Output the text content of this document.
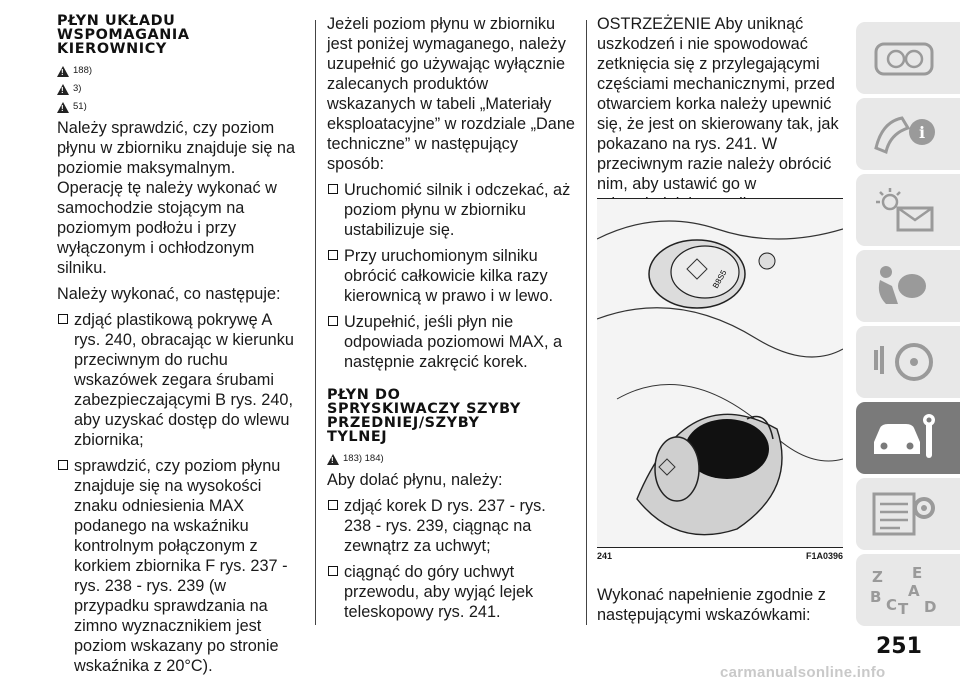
PŁYN UKŁADU
WSPOMAGANIA
KIEROWNICY
!
188)
!
3)
!
51)

Należy sprawdzić, czy poziom płynu w zbiorniku znajduje się na poziomie maksymalnym. Operację tę należy wykonać w samochodzie stojącym na poziomym podłożu i przy wyłączonym i ochłodzonym silniku.

Należy wykonać, co następuje:

zdjąć plastikową pokrywę A rys. 240, obracając w kierunku przeciwnym do ruchu wskazówek zegara śrubami zabezpieczającymi B rys. 240, aby uzyskać dostęp do wlewu zbiornika;
sprawdzić, czy poziom płynu znajduje się na wysokości znaku odniesienia MAX podanego na wskaźniku kontrolnym połączonym z korkiem zbiornika F rys. 237 - rys. 238 - rys. 239 (w przypadku sprawdzania na zimno wyznacznikiem jest poziom wskazany po stronie wskaźnika z 20°C).

Jeżeli poziom płynu w zbiorniku jest poniżej wymaganego, należy uzupełnić go używając wyłącznie zalecanych produktów wskazanych w tabeli „Materiały eksploatacyjne” w rozdziale „Dane techniczne” w następujący sposób:

Uruchomić silnik i odczekać, aż poziom płynu w zbiorniku ustabilizuje się.
Przy uruchomionym silniku obrócić całkowicie kilka razy kierownicą w prawo i w lewo.
Uzupełnić, jeśli płyn nie odpowiada poziomowi MAX, a następnie zakręcić korek.
PŁYN DO
SPRYSKIWACZY SZYBY
PRZEDNIEJ/SZYBY
TYLNEJ
!
183) 184)

Aby dolać płynu, należy:

zdjąć korek D rys. 237 - rys. 238 - rys. 239, ciągnąc na zewnątrz za uchwyt;
ciągnąć do góry uchwyt przewodu, aby wyjąć lejek teleskopowy rys. 241.

OSTRZEŻENIE Aby uniknąć uszkodzeń i nie spowodować zetknięcia się z przylegającymi częściami mechanicznymi, przed otwarciem korka należy upewnić się, że jest on skierowany tak, jak pokazano na rys. 241. W przeciwnym razie należy obrócić nim, aby ustawić go w

B8S5
241	F1A0396

Wykonać napełnienie zgodnie z następującymi wskazówkami:

i
Z E
B A
C D
T
251
carmanualsonline.info
